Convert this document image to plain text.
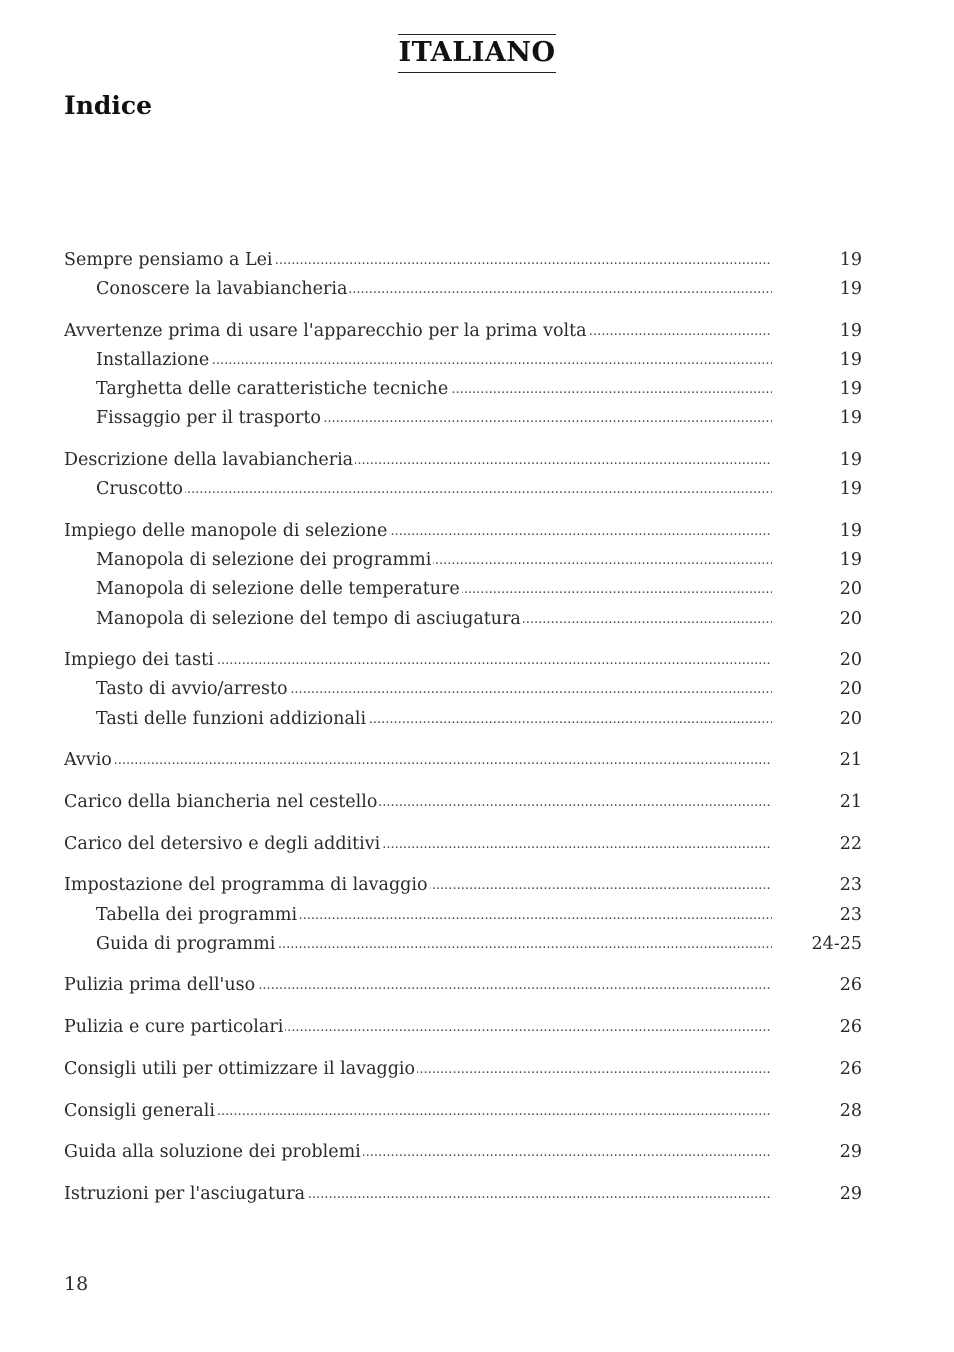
ITALIANO
Indice
Sempre pensiamo a Lei .....	19
Conoscere la lavabiancheria .....	19
Avvertenze prima di usare l'apparecchio per la prima volta .....	19
Installazione .....	19
Targhetta delle caratteristiche tecniche .....	19
Fissaggio per il trasporto .....	19
Descrizione della lavabiancheria .....	19
Cruscotto .....	19
Impiego delle manopole di selezione .....	19
Manopola di selezione dei programmi .....	19
Manopola di selezione delle temperature .....	20
Manopola di selezione del tempo di asciugatura .....	20
Impiego dei tasti .....	20
Tasto di avvio/arresto .....	20
Tasti delle funzioni addizionali .....	20
Avvio .....	21
Carico della biancheria nel cestello .....	21
Carico del detersivo e degli additivi .....	22
Impostazione del programma di lavaggio .....	23
Tabella dei programmi .....	23
Guida di programmi .....	24-25
Pulizia prima dell'uso .....	26
Pulizia e cure particolari .....	26
Consigli utili per ottimizzare il lavaggio .....	26
Consigli generali .....	28
Guida alla soluzione dei problemi .....	29
Istruzioni per l'asciugatura .....	29
18
